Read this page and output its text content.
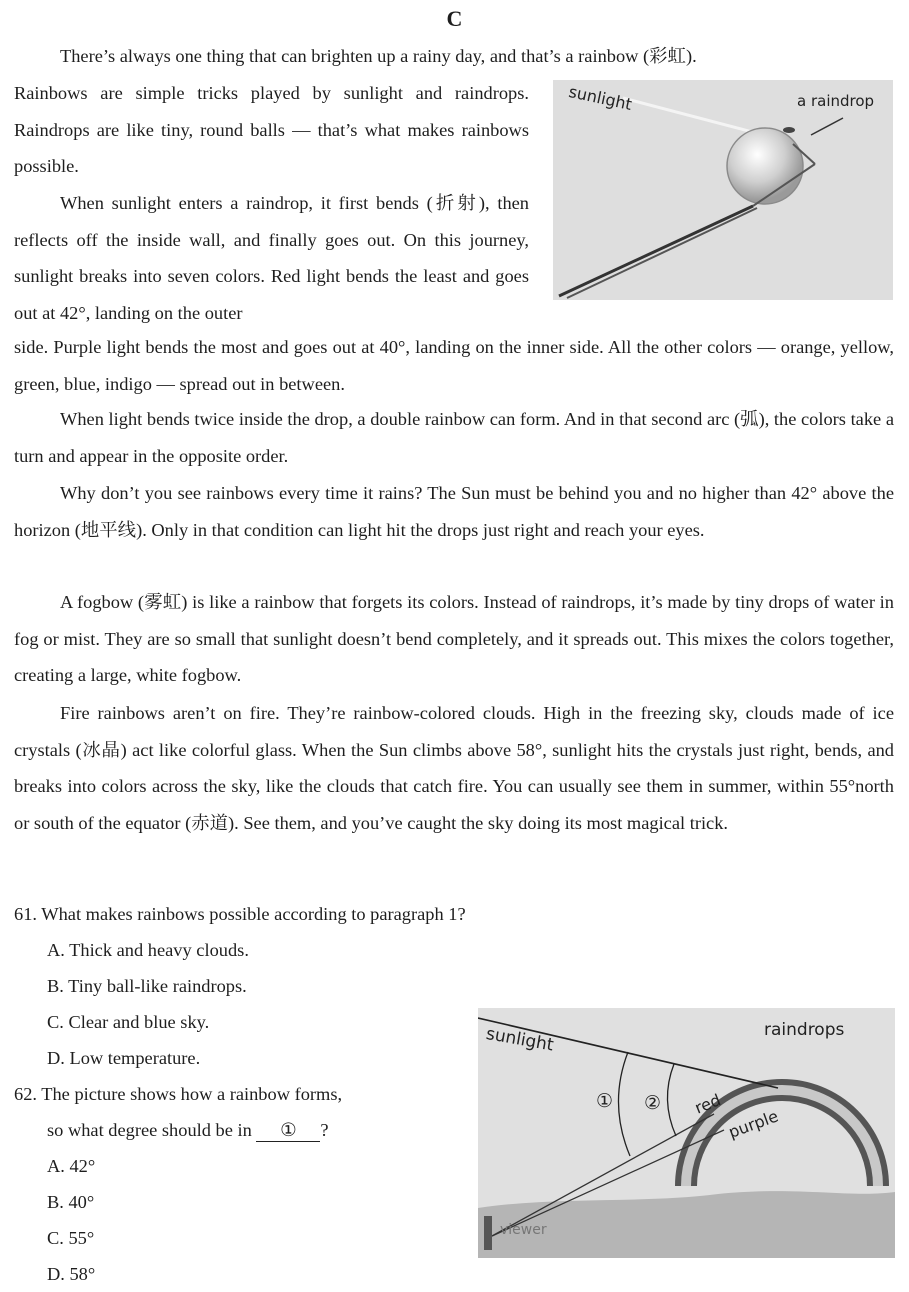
C

There’s always one thing that can brighten up a rainy day, and that’s a rainbow (彩虹).

Rainbows are simple tricks played by sunlight and raindrops. Raindrops are like tiny, round balls — that’s what makes rainbows possible.

When sunlight enters a raindrop, it first bends (折射), then reflects off the inside wall, and finally goes out. On this journey, sunlight breaks into seven colors. Red light bends the least and goes out at 42°, landing on the outer

side. Purple light bends the most and goes out at 40°, landing on the inner side. All the other colors — orange, yellow, green, blue, indigo — spread out in between.

When light bends twice inside the drop, a double rainbow can form. And in that second arc (弧), the colors take a turn and appear in the opposite order.

Why don’t you see rainbows every time it rains? The Sun must be behind you and no higher than 42° above the horizon (地平线). Only in that condition can light hit the drops just right and reach your eyes.

A fogbow (雾虹) is like a rainbow that forgets its colors. Instead of raindrops, it’s made by tiny drops of water in fog or mist. They are so small that sunlight doesn’t bend completely, and it spreads out. This mixes the colors together, creating a large, white fogbow.

Fire rainbows aren’t on fire. They’re rainbow-colored clouds. High in the freezing sky, clouds made of ice crystals (冰晶) act like colorful glass. When the Sun climbs above 58°, sunlight hits the crystals just right, bends, and breaks into colors across the sky, like the clouds that catch fire. You can usually see them in summer, within 55°north or south of the equator (赤道). See them, and you’ve caught the sky doing its most magical trick.

sunlight	a raindrop

61. What makes rainbows possible according to paragraph 1?

A. Thick and heavy clouds.

B. Tiny ball-like raindrops.

C. Clear and blue sky.

D. Low temperature.

62. The picture shows how a rainbow forms,

so what degree should be in ① ?

A. 42°

B. 40°

C. 55°

D. 58°

sunlight	raindrops
① ② red
purple
viewer
